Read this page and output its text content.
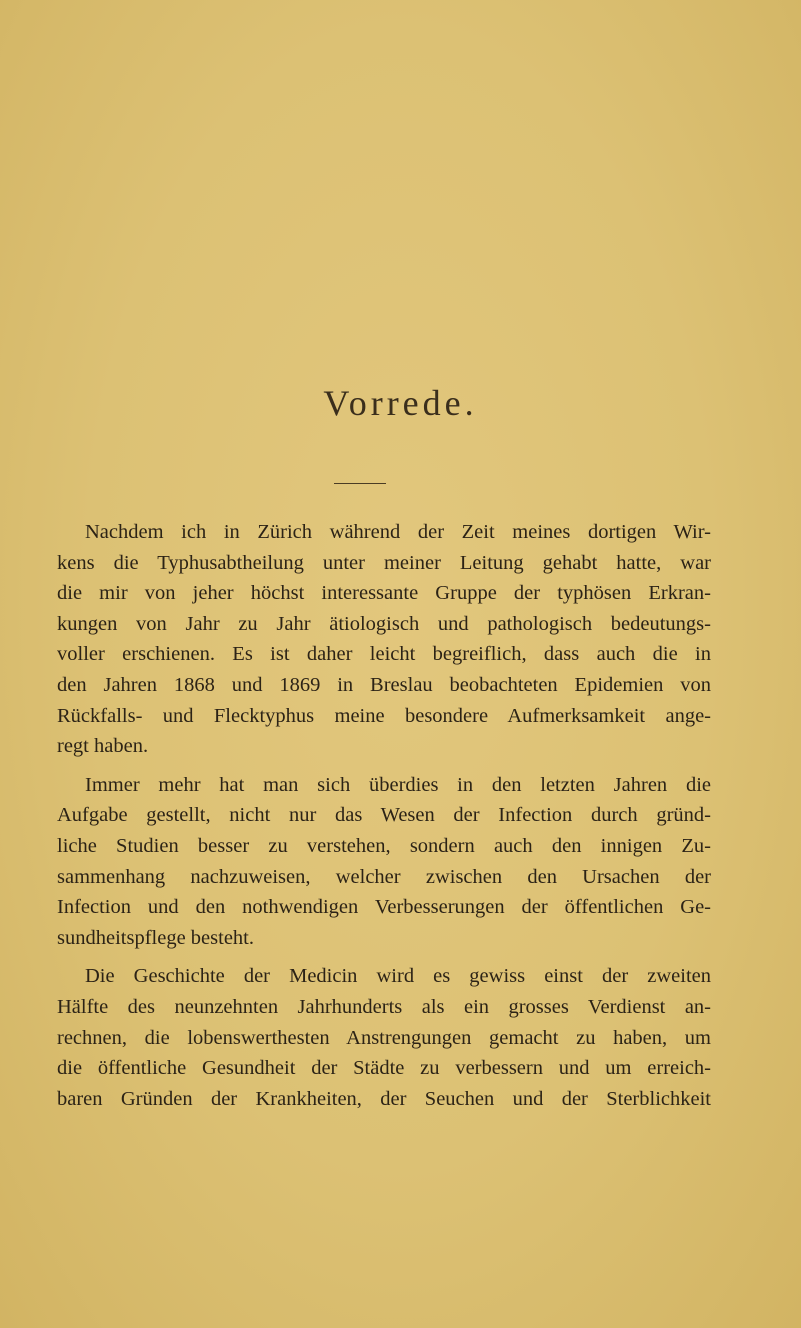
Vorrede.
Nachdem ich in Zürich während der Zeit meines dortigen Wir-
kens die Typhusabtheilung unter meiner Leitung gehabt hatte, war
die mir von jeher höchst interessante Gruppe der typhösen Erkran-
kungen von Jahr zu Jahr ätiologisch und pathologisch bedeutungs-
voller erschienen. Es ist daher leicht begreiflich, dass auch die in
den Jahren 1868 und 1869 in Breslau beobachteten Epidemien von
Rückfalls- und Flecktyphus meine besondere Aufmerksamkeit ange-
regt haben.
Immer mehr hat man sich überdies in den letzten Jahren die
Aufgabe gestellt, nicht nur das Wesen der Infection durch gründ-
liche Studien besser zu verstehen, sondern auch den innigen Zu-
sammenhang nachzuweisen, welcher zwischen den Ursachen der
Infection und den nothwendigen Verbesserungen der öffentlichen Ge-
sundheitspflege besteht.
Die Geschichte der Medicin wird es gewiss einst der zweiten
Hälfte des neunzehnten Jahrhunderts als ein grosses Verdienst an-
rechnen, die lobenswerthesten Anstrengungen gemacht zu haben, um
die öffentliche Gesundheit der Städte zu verbessern und um erreich-
baren Gründen der Krankheiten, der Seuchen und der Sterblichkeit
